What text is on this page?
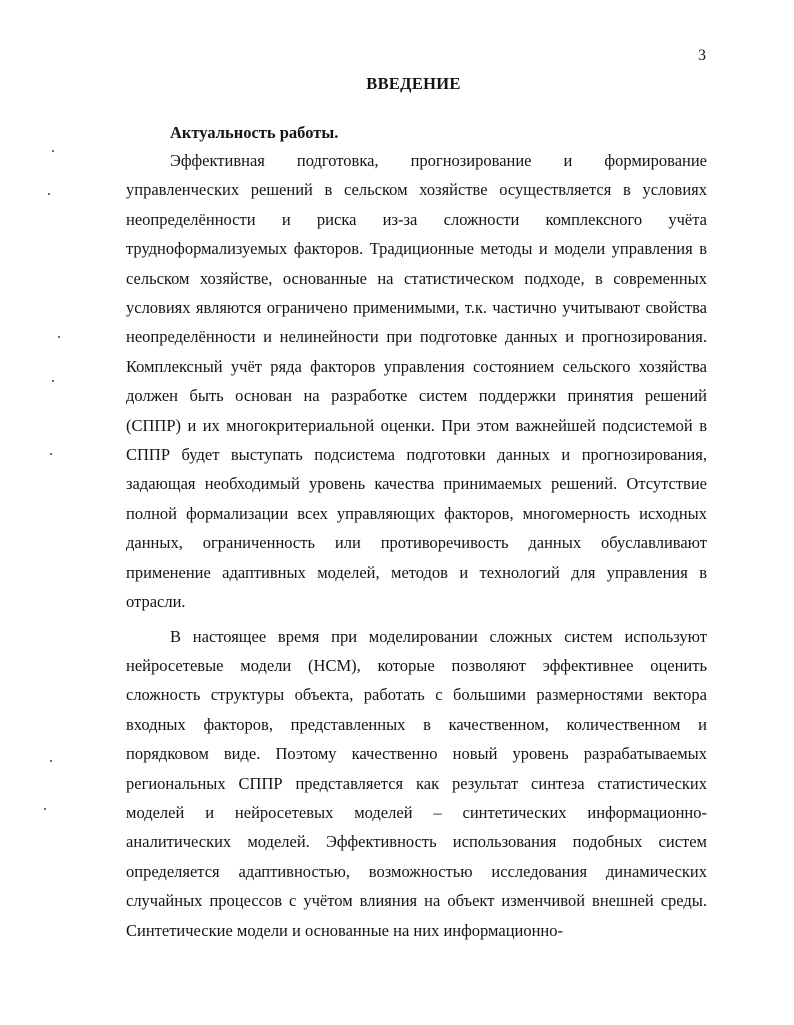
3
ВВЕДЕНИЕ
Актуальность работы.

Эффективная подготовка, прогнозирование и формирование управленческих решений в сельском хозяйстве осуществляется в условиях неопределённости и риска из-за сложности комплексного учёта трудноформализуемых факторов. Традиционные методы и модели управления в сельском хозяйстве, основанные на статистическом подходе, в современных условиях являются ограничено применимыми, т.к. частично учитывают свойства неопределённости и нелинейности при подготовке данных и прогнозирования. Комплексный учёт ряда факторов управления состоянием сельского хозяйства должен быть основан на разработке систем поддержки принятия решений (СППР) и их многокритериальной оценки. При этом важнейшей подсистемой в СППР будет выступать подсистема подготовки данных и прогнозирования, задающая необходимый уровень качества принимаемых решений. Отсутствие полной формализации всех управляющих факторов, многомерность исходных данных, ограниченность или противоречивость данных обуславливают применение адаптивных моделей, методов и технологий для управления в отрасли.

В настоящее время при моделировании сложных систем используют нейросетевые модели (НСМ), которые позволяют эффективнее оценить сложность структуры объекта, работать с большими размерностями вектора входных факторов, представленных в качественном, количественном и порядковом виде. Поэтому качественно новый уровень разрабатываемых региональных СППР представляется как результат синтеза статистических моделей и нейросетевых моделей – синтетических информационно-аналитических моделей. Эффективность использования подобных систем определяется адаптивностью, возможностью исследования динамических случайных процессов с учётом влияния на объект изменчивой внешней среды. Синтетические модели и основанные на них информационно-
